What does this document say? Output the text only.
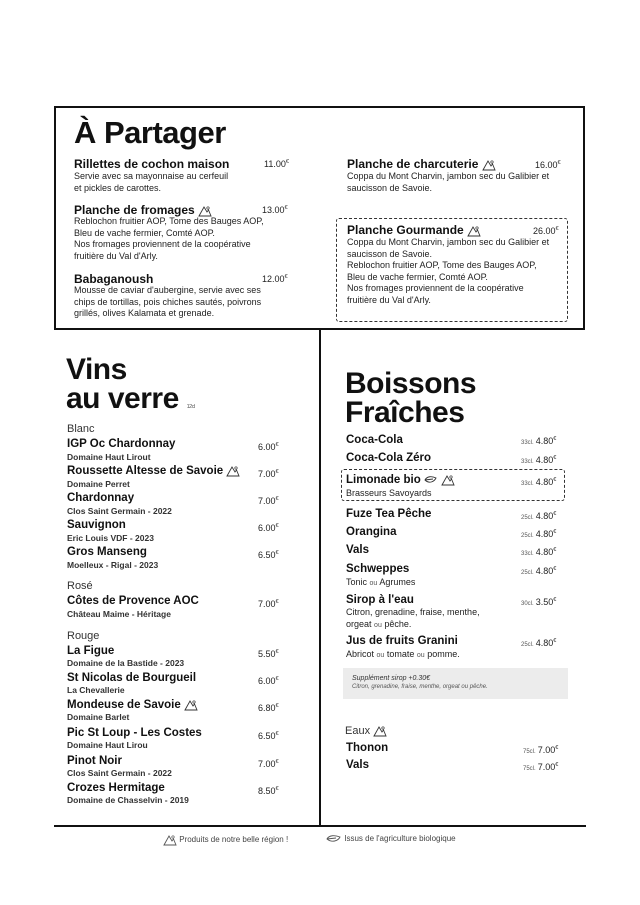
À Partager
Rillettes de cochon maison	11.00€
Servie avec sa mayonnaise au cerfeuil
et pickles de carottes.
Planche de fromages	13.00€
Reblochon fruitier AOP, Tome des Bauges AOP,
Bleu de vache fermier, Comté AOP.
Nos fromages proviennent de la coopérative
fruitière du Val d'Arly.
Babaganoush	12.00€
Mousse de caviar d'aubergine, servie avec ses
chips de tortillas, pois chiches sautés, poivrons
grillés, olives Kalamata et grenade.
Planche de charcuterie	16.00€
Coppa du Mont Charvin, jambon sec du Galibier et
saucisson de Savoie.
Planche Gourmande	26.00€
Coppa du Mont Charvin, jambon sec du Galibier et
saucisson de Savoie.
Reblochon fruitier AOP, Tome des Bauges AOP,
Bleu de vache fermier, Comté AOP.
Nos fromages proviennent de la coopérative
fruitière du Val d'Arly.
Vins
au verre 12cl
Blanc
IGP Oc Chardonnay
Domaine Haut Lirout
6.00€
Roussette Altesse de Savoie
Domaine Perret
7.00€
Chardonnay
Clos Saint Germain - 2022
7.00€
Sauvignon
Eric Louis VDF - 2023
6.00€
Gros Manseng
Moelleux - Rigal - 2023
6.50€
Rosé
Côtes de Provence AOC
Château Maime - Héritage
7.00€
Rouge
La Figue
Domaine de la Bastide - 2023
5.50€
St Nicolas de Bourgueil
La Chevallerie
6.00€
Mondeuse de Savoie
Domaine Barlet
6.80€
Pic St Loup - Les Costes
Domaine Haut Lirou
6.50€
Pinot Noir
Clos Saint Germain - 2022
7.00€
Crozes Hermitage
Domaine de Chasselvin - 2019
8.50€
Boissons
Fraîches
Coca-Cola	33cl. 4.80€
Coca-Cola Zéro	33cl. 4.80€
Limonade bio
Brasseurs Savoyards
33cl. 4.80€
Fuze Tea Pêche	25cl. 4.80€
Orangina	25cl. 4.80€
Vals	33cl. 4.80€
Schweppes
Tonic ou Agrumes
25cl. 4.80€
Sirop à l'eau
Citron, grenadine, fraise, menthe,
orgeat ou pêche.
30cl. 3.50€
Jus de fruits Granini
Abricot ou tomate ou pomme.
25cl. 4.80€
Supplément sirop +0.30€
Citron, grenadine, fraise, menthe, orgeat ou pêche.
Eaux
Thonon	75cl. 7.00€
Vals	75cl. 7.00€
Produits de notre belle région !	Issus de l'agriculture biologique
